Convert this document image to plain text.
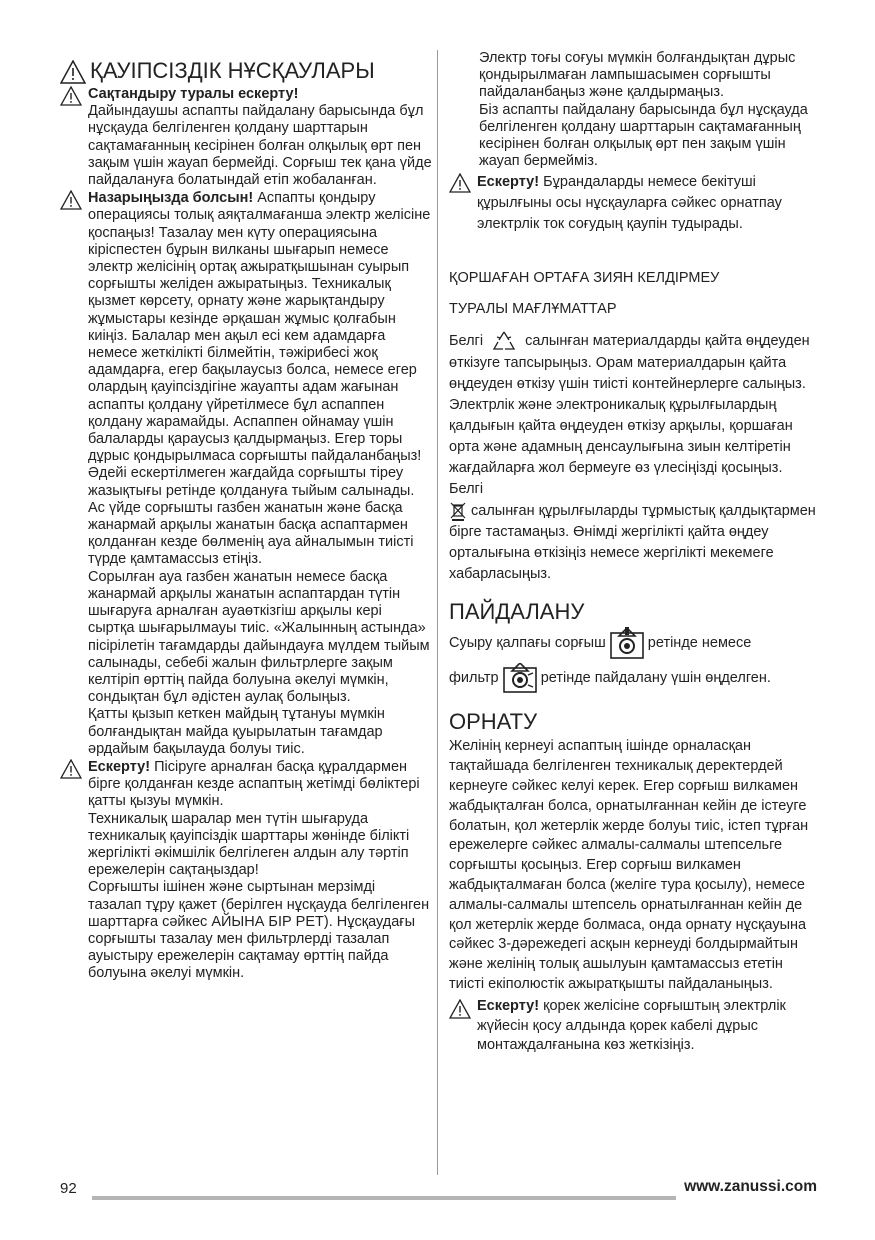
ҚАУІПСІЗДІК НҰСҚАУЛАРЫ

Сақтандыру туралы ескерту!

Дайындаушы аспапты пайдалану барысында бұл нұсқауда белгіленген қолдану шарттарын сақтамағанның кесірінен болған олқылық өрт пен зақым үшін жауап бермейді. Сорғыш тек қана үйде пайдалануға болатындай етіп жобаланған.

Назарыңызда болсын! Аспапты қондыру операциясы толық аяқталмағанша электр желісіне қоспаңыз! Тазалау мен күту операциясына кіріспестен бұрын вилканы шығарып немесе электр желісінің ортақ ажыратқышынан суырып сорғышты желіден ажыратыңыз. Техникалық қызмет көрсету, орнату және жарықтандыру жұмыстары кезінде әрқашан жұмыс қолғабын киіңіз. Балалар мен ақыл есі кем адамдарға немесе жеткілікті білмейтін, тәжірибесі жоқ адамдарға, егер бақылаусыз болса, немесе егер олардың қауіпсіздігіне жауапты адам жағынан аспапты қолдану үйретілмесе бұл аспаппен қолдану жарамайды. Аспаппен ойнамау үшін балаларды қараусыз қалдырмаңыз. Егер торы дұрыс қондырылмаса сорғышты пайдаланбаңыз! Әдейі ескертілмеген жағдайда сорғышты тіреу жазықтығы ретінде қолдануға тыйым салынады. Ас үйде сорғышты газбен жанатын және басқа жанармай арқылы жанатын басқа аспаптармен қолданған кезде бөлменің ауа айналымын тиісті түрде қамтамассыз етіңіз.

Сорылған ауа газбен жанатын немесе басқа жанармай арқылы жанатын аспаптардан түтін шығаруға арналған ауаөткізгіш арқылы кері сыртқа шығарылмауы тиіс. «Жалынның астында» пісірілетін тағамдарды дайындауға мүлдем тыйым салынады, себебі жалын фильтрлерге зақым келтіріп өрттің пайда болуына әкелуі мүмкін, сондықтан бұл әдістен аулақ болыңыз.

Қатты қызып кеткен майдың тұтануы мүмкін болғандықтан майда қуырылатын тағамдар әрдайым бақылауда болуы тиіс.

Ескерту! Пісіруге арналған басқа құралдармен бірге қолданған кезде аспаптың жетімді бөліктері қатты қызуы мүмкін.

Техникалық шаралар мен түтін шығаруда техникалық қауіпсіздік шарттары жөнінде білікті жергілікті әкімшілік белгілеген алдын алу тәртіп ережелерін сақтаңыздар!

Сорғышты ішінен және сыртынан мерзімді тазалап тұру қажет (берілген нұсқауда белгіленген шарттарға сәйкес АЙЫНА БІР РЕТ). Нұсқаудағы сорғышты тазалау мен фильтрлерді тазалап ауыстыру ережелерін сақтамау өрттің пайда болуына әкелуі мүмкін.

Электр тоғы соғуы мүмкін болғандықтан дұрыс қондырылмаған лампышасымен сорғышты пайдаланбаңыз және қалдырмаңыз.

Біз аспапты пайдалану барысында бұл нұсқауда белгіленген қолдану шарттарын сақтамағанның кесірінен болған олқылық өрт пен зақым үшін жауап бермейміз.

Ескерту! Бұрандаларды немесе бекітуші құрылғыны осы нұсқауларға сәйкес орнатпау электрлік ток соғудың қаупін тудырады.

ҚОРШАҒАН ОРТАҒА ЗИЯН КЕЛДІРМЕУ

ТУРАЛЫ МАҒЛҰМАТТАР

Белгі	салынған материалдарды қайта өңдеуден өткізуге тапсырыңыз. Орам материалдарын қайта өңдеуден өткізу үшін тиісті контейнерлерге салыңыз.

Электрлік және электроникалық құрылғылардың қалдығын қайта өңдеуден өткізу арқылы, қоршаған орта және адамның денсаулығына зиын келтіретін жағдайларға жол бермеуге өз үлесіңізді қосыңыз. Белгі

салынған құрылғыларды тұрмыстық қалдықтармен бірге тастамаңыз. Өнімді жергілікті қайта өңдеу орталығына өткізіңіз немесе жергілікті мекемеге хабарласыңыз.

ПАЙДАЛАНУ

Суыру қалпағы сорғыш	ретінде немесе

фильтр	ретінде пайдалану үшін өңделген.

ОРНАТУ

Желінің кернеуі аспаптың ішінде орналасқан тақтайшада белгіленген техникалық деректердей кернеуге сәйкес келуі керек. Егер сорғыш вилкамен жабдықталған болса, орнатылғаннан кейін де істеуге болатын, қол жетерлік жерде болуы тиіс, істеп тұрған ережелерге сәйкес алмалы-салмалы штепсельге сорғышты қосыңыз. Егер сорғыш вилкамен жабдықталмаған болса (желіге тура қосылу), немесе алмалы-салмалы штепсель орнатылғаннан кейін де қол жетерлік жерде болмаса, онда орнату нұсқауына сәйкес 3-дәрежедегі асқын кернеуді болдырмайтын және желінің толық ашылуын қамтамассыз ететін тиісті екіполюстік ажыратқышты пайдаланыңыз.

Ескерту! қорек желісіне сорғыштың электрлік жүйесін қосу алдында қорек кабелі дұрыс монтаждалғанына көз жеткізіңіз.

92	www.zanussi.com
